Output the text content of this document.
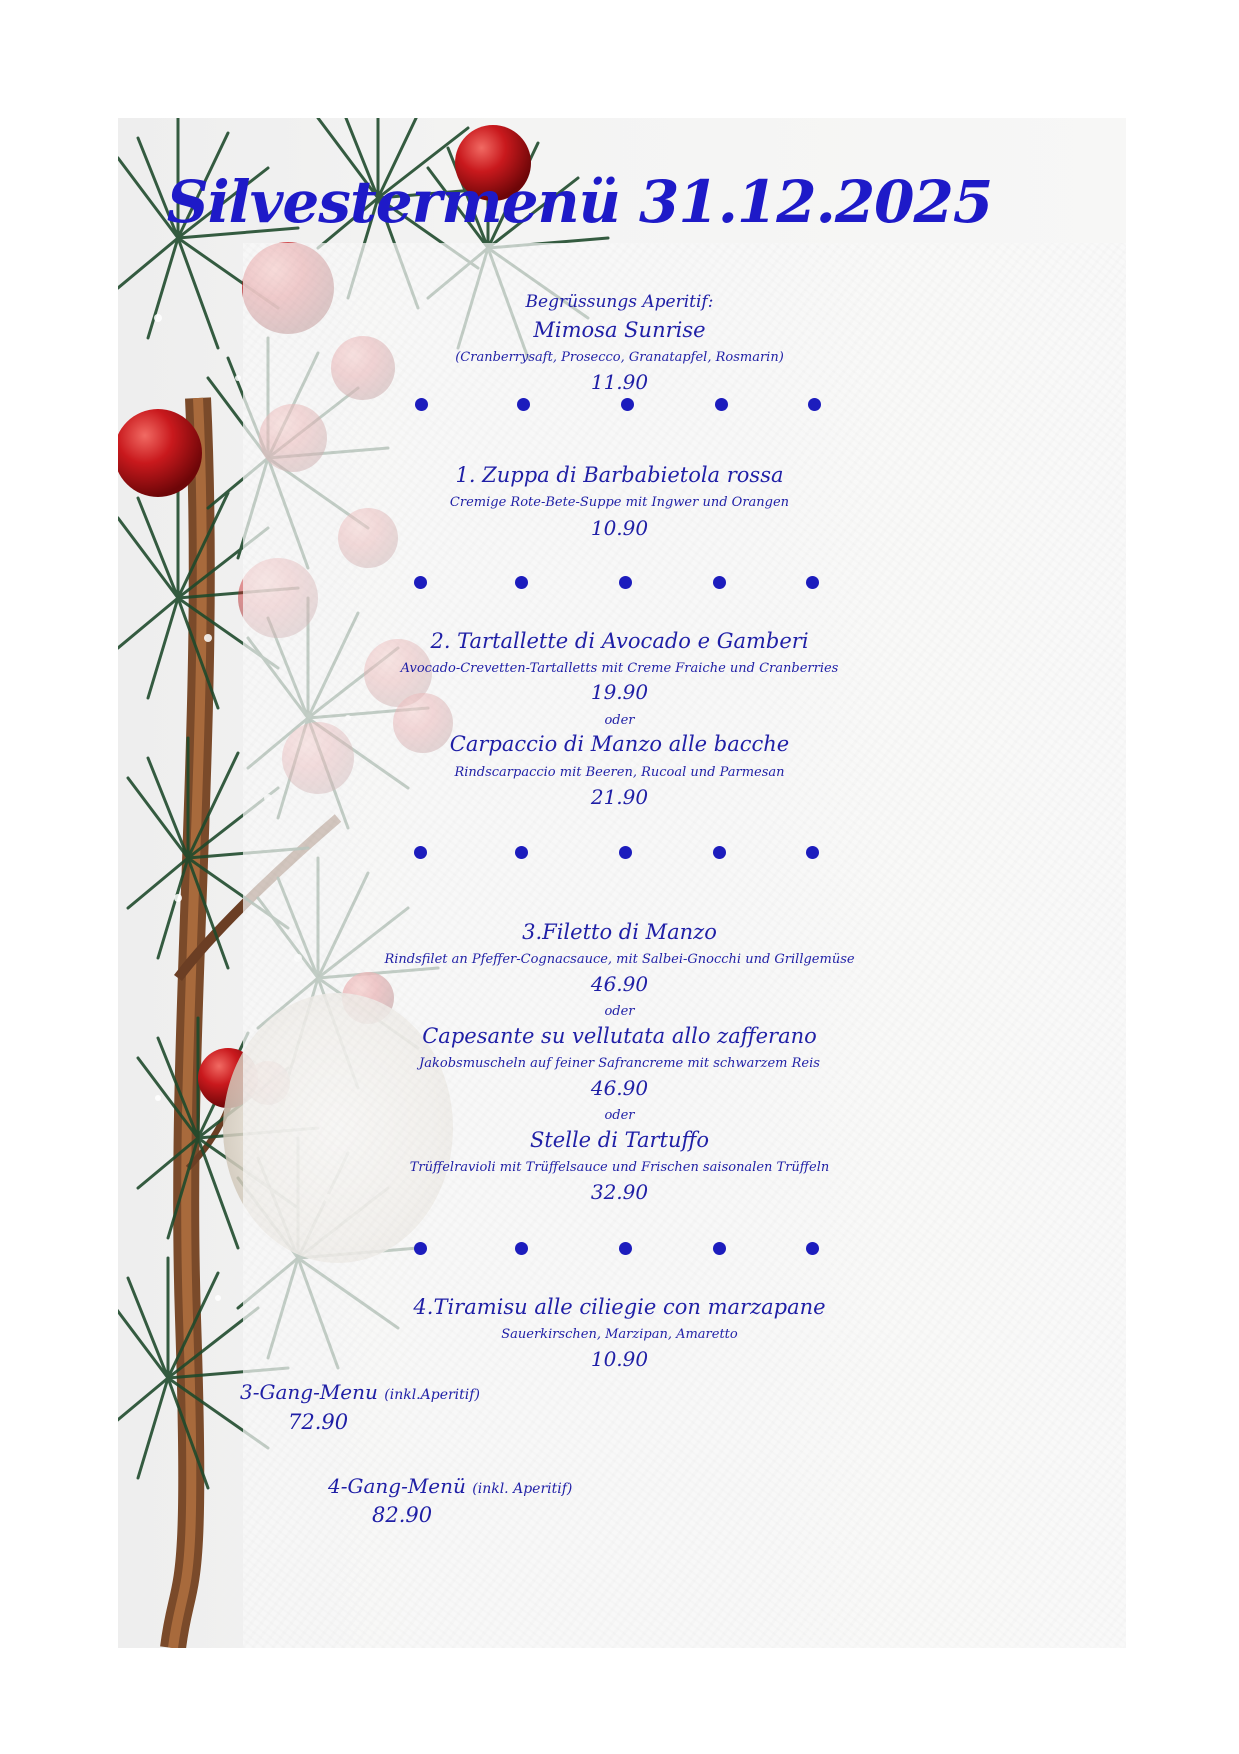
Silvestermenü 31.12.2025
Begrüssungs Aperitif:
Mimosa Sunrise
(Cranberrysaft, Prosecco, Granatapfel, Rosmarin)
11.90
1. Zuppa di Barbabietola rossa
Cremige Rote-Bete-Suppe mit Ingwer und Orangen
10.90
2. Tartallette di Avocado e Gamberi
Avocado-Crevetten-Tartalletts mit Creme Fraiche und Cranberries
19.90
oder
Carpaccio di Manzo alle bacche
Rindscarpaccio mit Beeren, Rucoal und Parmesan
21.90
3.Filetto di Manzo
Rindsfilet an Pfeffer-Cognacsauce, mit Salbei-Gnocchi und Grillgemüse
46.90
oder
Capesante su vellutata allo zafferano
Jakobsmuscheln auf feiner Safrancreme mit schwarzem Reis
46.90
oder
Stelle di Tartuffo
Trüffelravioli mit Trüffelsauce und Frischen saisonalen Trüffeln
32.90
4.Tiramisu alle ciliegie con marzapane
Sauerkirschen, Marzipan, Amaretto
10.90
3-Gang-Menu (inkl.Aperitif)
72.90
4-Gang-Menü (inkl. Aperitif)
82.90
